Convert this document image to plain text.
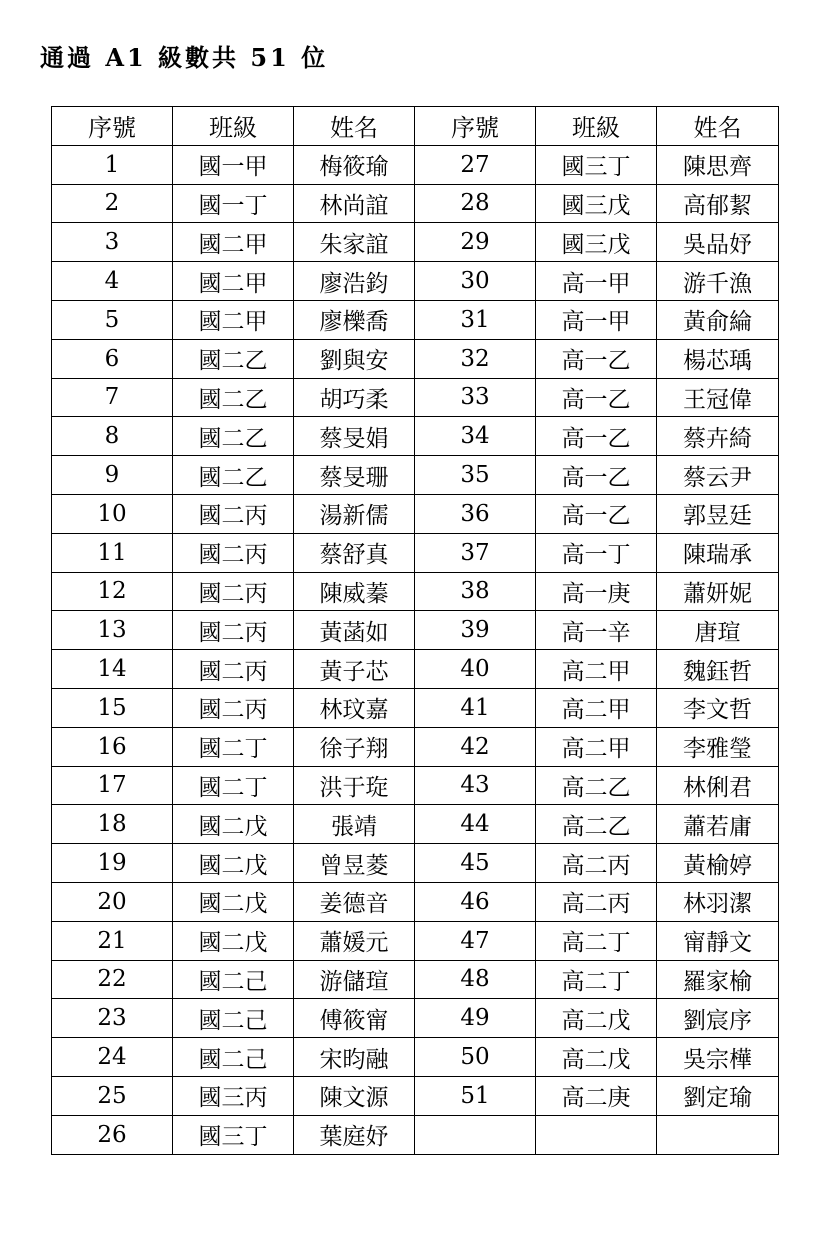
通過 A1 級數共 51 位
序號	班級	姓名	序號	班級	姓名
1	國一甲	梅筱瑜	27	國三丁	陳思齊
2	國一丁	林尚誼	28	國三戊	高郁絜
3	國二甲	朱家誼	29	國三戊	吳品妤
4	國二甲	廖浩鈞	30	高一甲	游千漁
5	國二甲	廖櫟喬	31	高一甲	黃俞綸
6	國二乙	劉與安	32	高一乙	楊芯瑀
7	國二乙	胡巧柔	33	高一乙	王冠偉
8	國二乙	蔡旻娟	34	高一乙	蔡卉綺
9	國二乙	蔡旻珊	35	高一乙	蔡云尹
10	國二丙	湯新儒	36	高一乙	郭昱廷
11	國二丙	蔡舒真	37	高一丁	陳瑞承
12	國二丙	陳威蓁	38	高一庚	蕭妍妮
13	國二丙	黃菡如	39	高一辛	唐瑄
14	國二丙	黃子芯	40	高二甲	魏鈺哲
15	國二丙	林玟嘉	41	高二甲	李文哲
16	國二丁	徐子翔	42	高二甲	李雅瑩
17	國二丁	洪于琁	43	高二乙	林俐君
18	國二戊	張靖	44	高二乙	蕭若庸
19	國二戊	曾昱菱	45	高二丙	黃榆婷
20	國二戊	姜德音	46	高二丙	林羽潔
21	國二戊	蕭媛元	47	高二丁	甯靜文
22	國二己	游儲瑄	48	高二丁	羅家榆
23	國二己	傅筱甯	49	高二戊	劉宸序
24	國二己	宋昀融	50	高二戊	吳宗樺
25	國三丙	陳文源	51	高二庚	劉定瑜
26	國三丁	葉庭妤			
